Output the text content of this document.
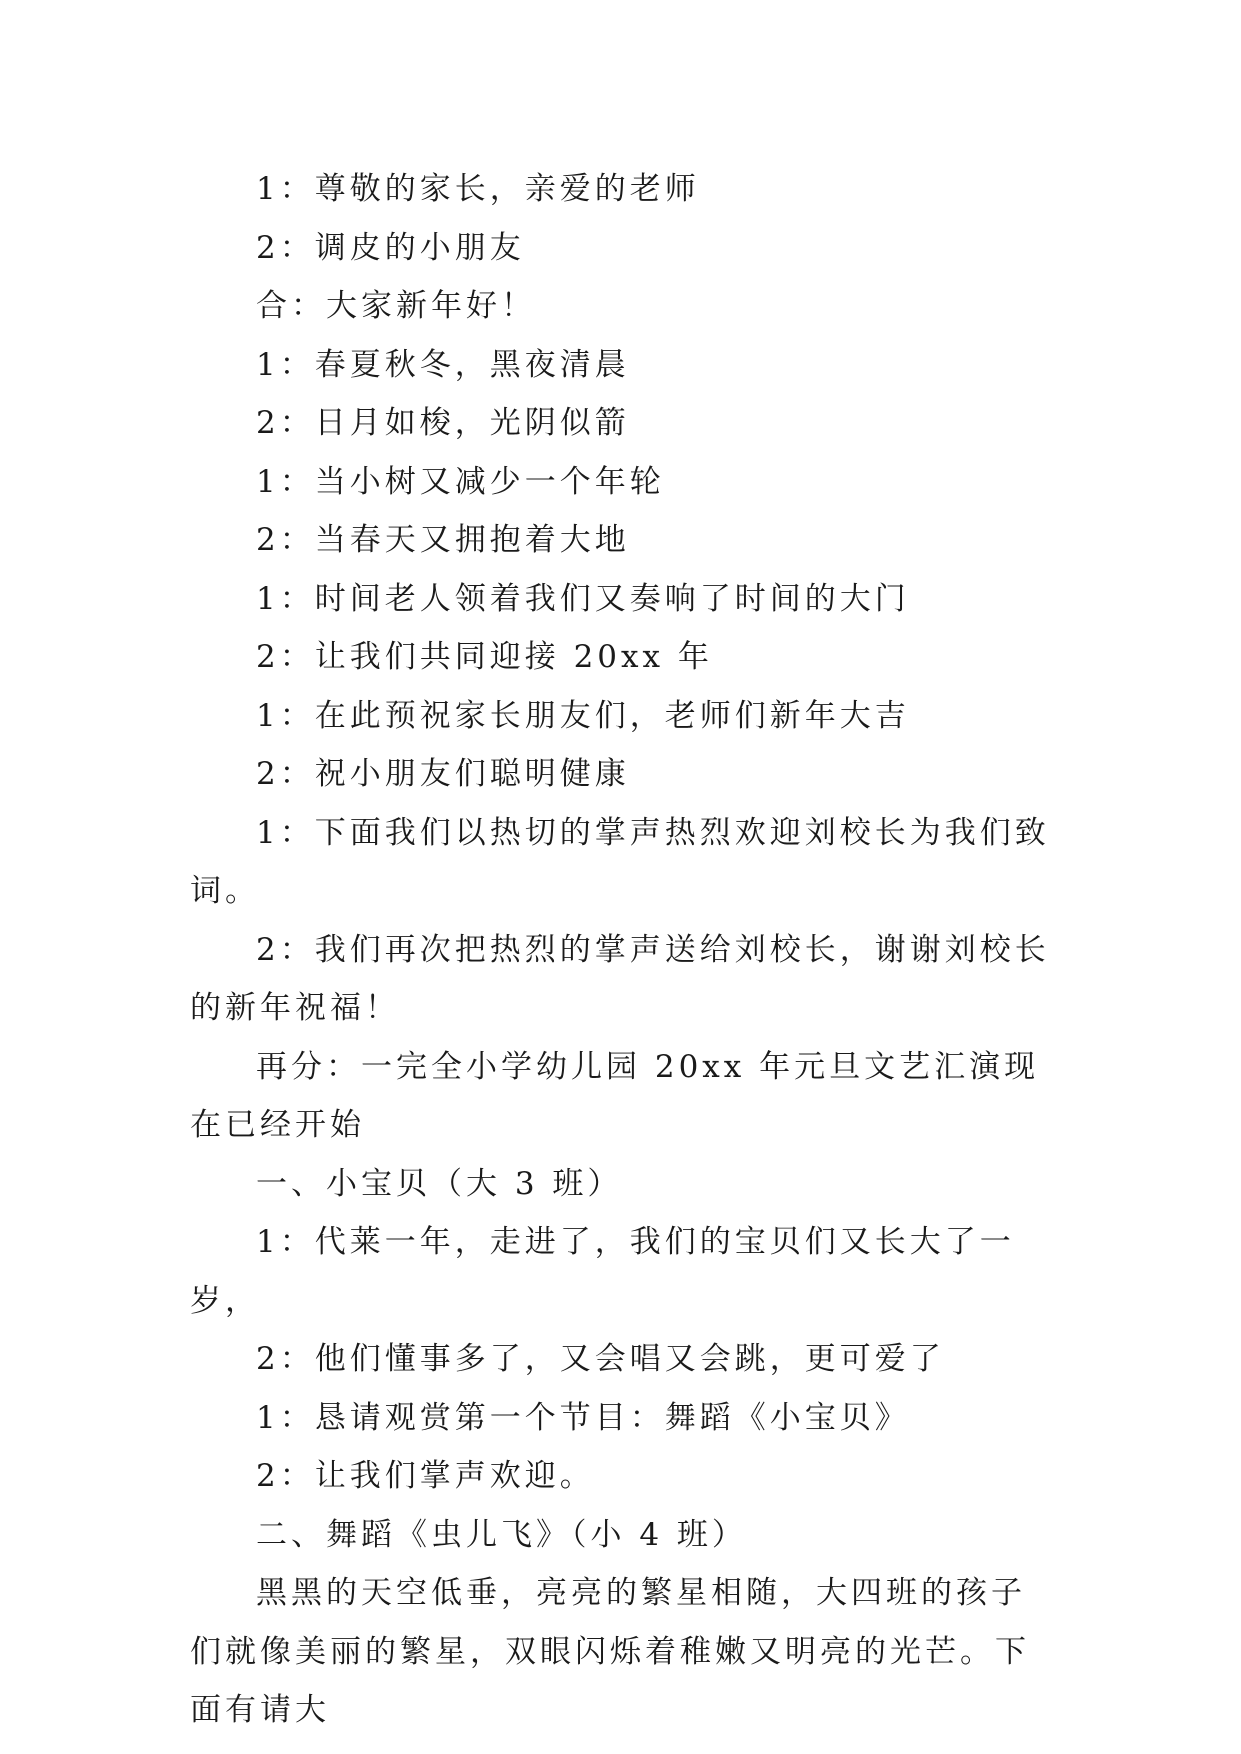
1：尊敬的家长，亲爱的老师

2：调皮的小朋友

合：大家新年好！

1：春夏秋冬，黑夜清晨

2：日月如梭，光阴似箭

1：当小树又减少一个年轮

2：当春天又拥抱着大地

1：时间老人领着我们又奏响了时间的大门

2：让我们共同迎接 20xx 年

1：在此预祝家长朋友们，老师们新年大吉

2：祝小朋友们聪明健康

1：下面我们以热切的掌声热烈欢迎刘校长为我们致词。

2：我们再次把热烈的掌声送给刘校长，谢谢刘校长的新年祝福！

再分：一完全小学幼儿园 20xx 年元旦文艺汇演现在已经开始

一、小宝贝（大 3 班）

1：代莱一年，走进了，我们的宝贝们又长大了一岁，

2：他们懂事多了，又会唱又会跳，更可爱了

1：恳请观赏第一个节目：舞蹈《小宝贝》

2：让我们掌声欢迎。

二、舞蹈《虫儿飞》（小 4 班）

黑黑的天空低垂，亮亮的繁星相随，大四班的孩子们就像美丽的繁星，双眼闪烁着稚嫩又明亮的光芒。下面有请大
